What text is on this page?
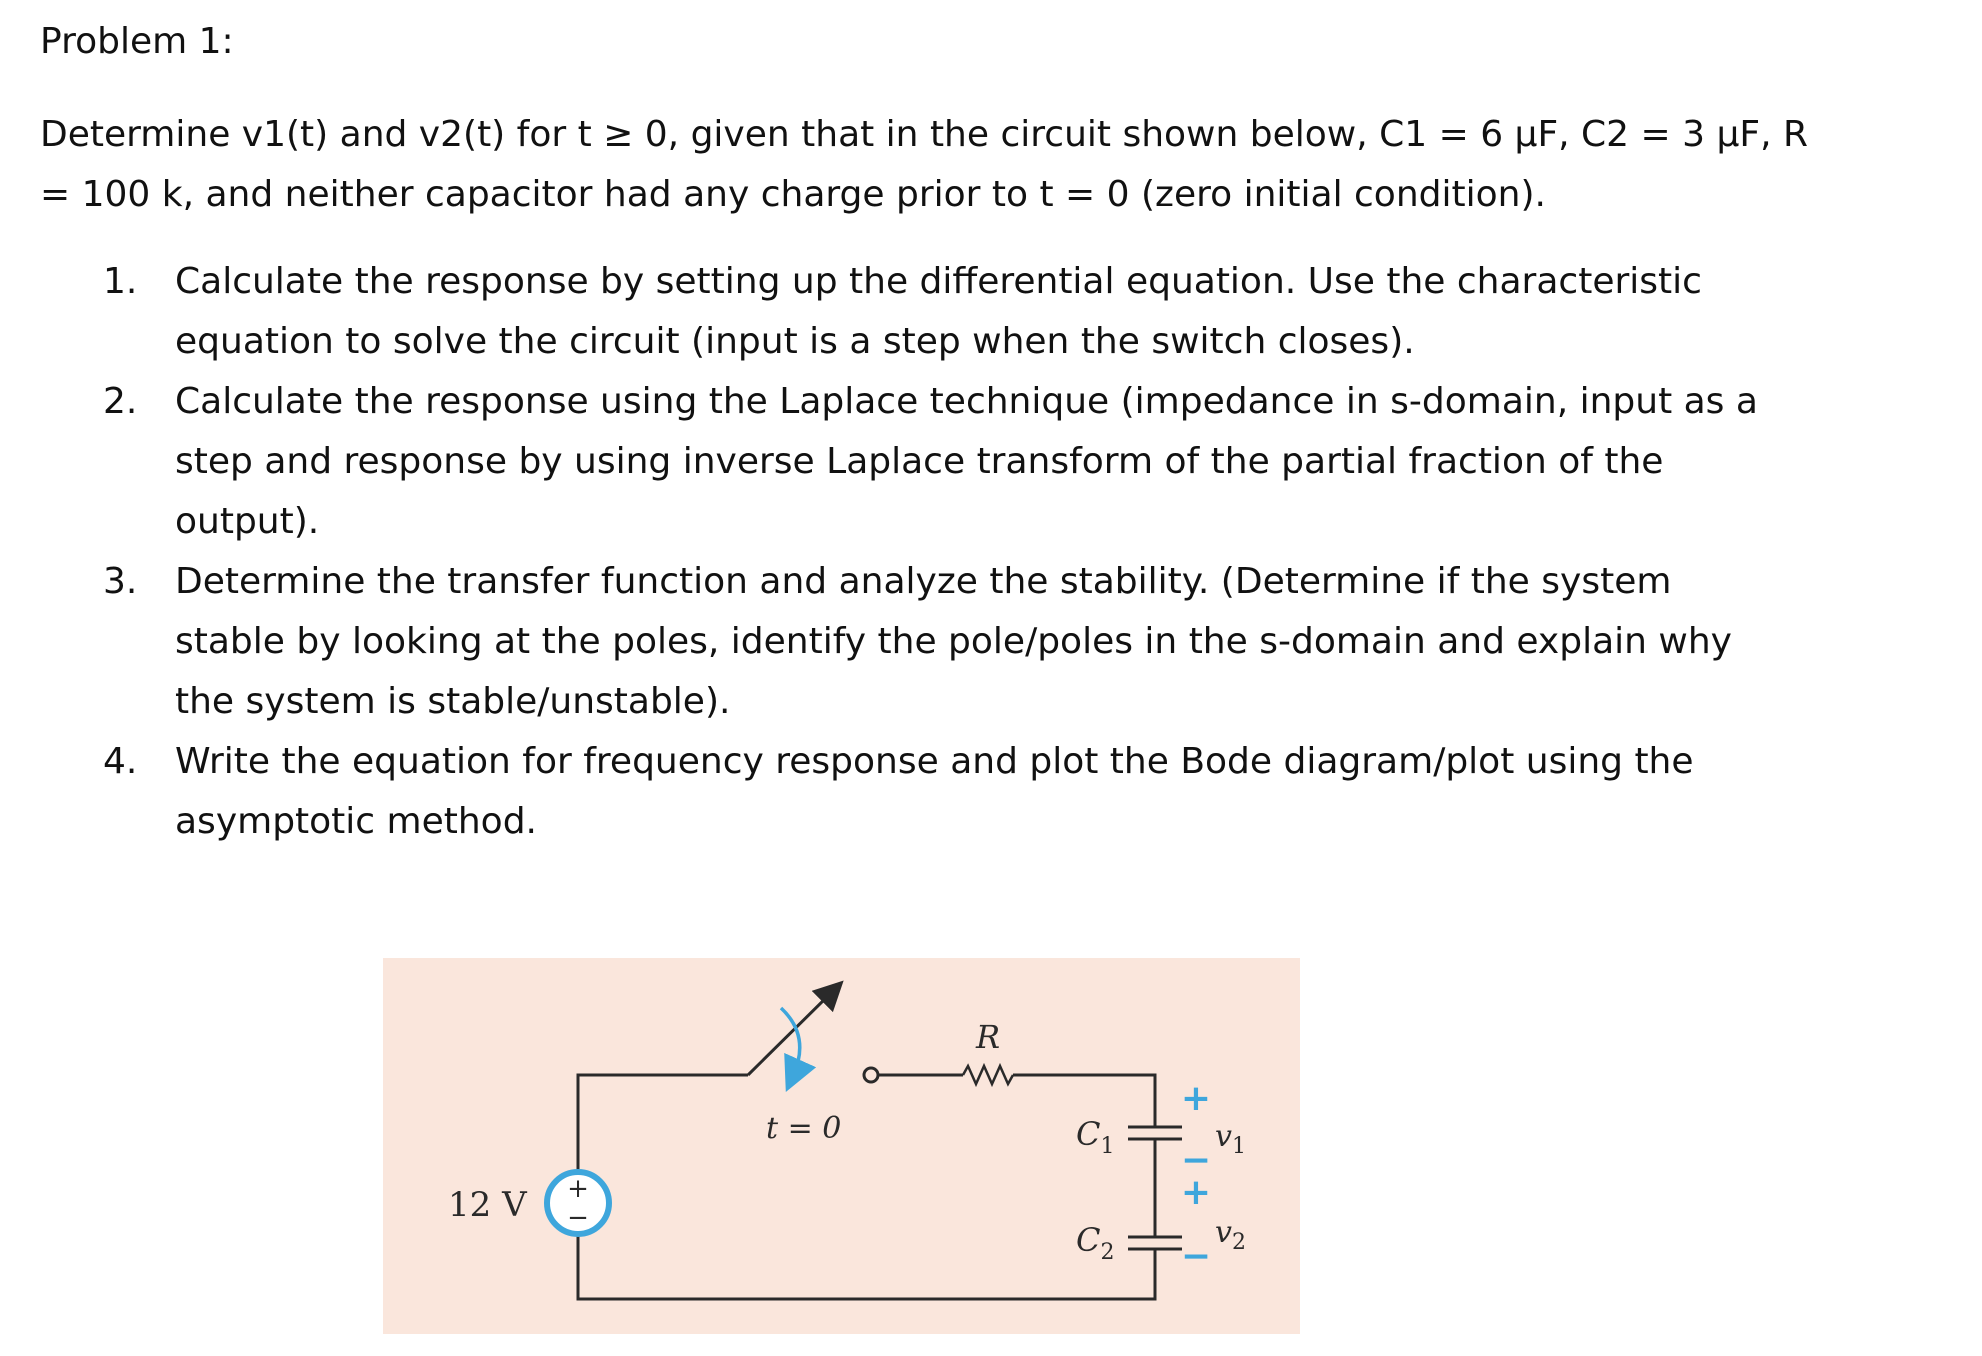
Problem 1:
Determine v1(t) and v2(t) for t ≥ 0, given that in the circuit shown below, C1 = 6 μF, C2 = 3 μF, R
= 100 k, and neither capacitor had any charge prior to t = 0 (zero initial condition).
1. Calculate the response by setting up the differential equation. Use the characteristic
equation to solve the circuit (input is a step when the switch closes).
2. Calculate the response using the Laplace technique (impedance in s-domain, input as a
step and response by using inverse Laplace transform of the partial fraction of the
output).
3. Determine the transfer function and analyze the stability. (Determine if the system
stable by looking at the poles, identify the pole/poles in the s-domain and explain why
the system is stable/unstable).
4. Write the equation for frequency response and plot the Bode diagram/plot using the
asymptotic method.
+
−
12 V
t = 0
R
$C_1$
$C_2$
+
−
$v_1$
+
−
$v_2$
